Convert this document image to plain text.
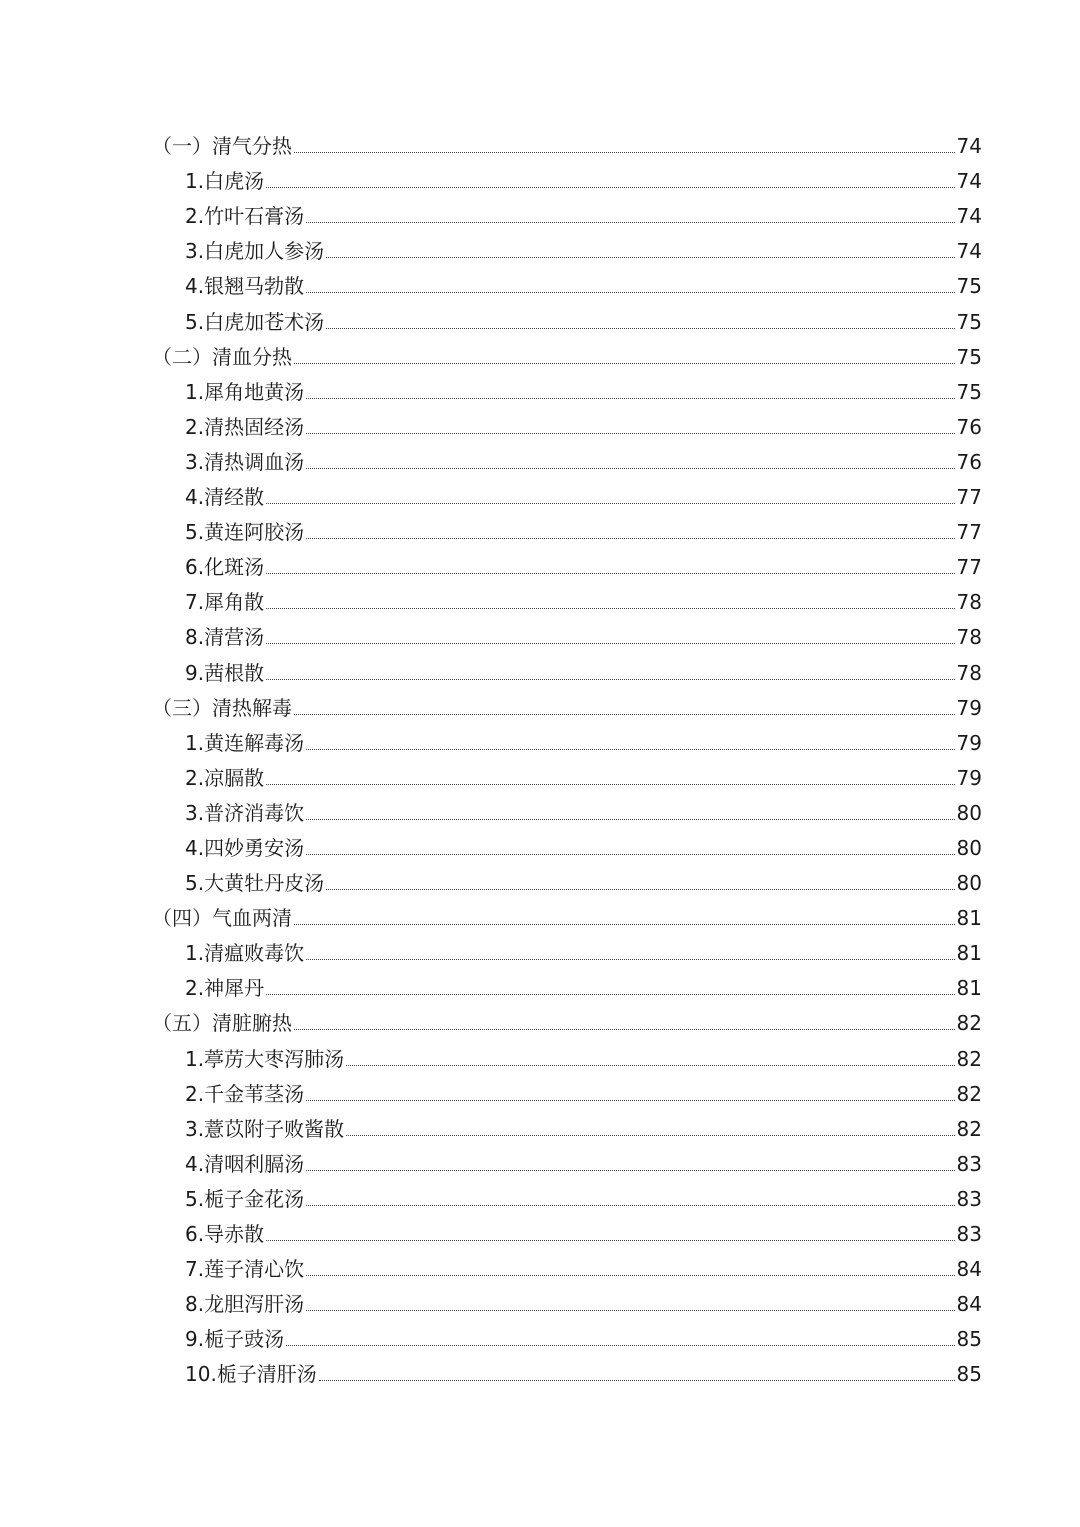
（一）清气分热	74
1.白虎汤	74
2.竹叶石膏汤	74
3.白虎加人参汤	74
4.银翘马勃散	75
5.白虎加苍术汤	75
（二）清血分热	75
1.犀角地黄汤	75
2.清热固经汤	76
3.清热调血汤	76
4.清经散	77
5.黄连阿胶汤	77
6.化斑汤	77
7.犀角散	78
8.清营汤	78
9.茜根散	78
（三）清热解毒	79
1.黄连解毒汤	79
2.凉膈散	79
3.普济消毒饮	80
4.四妙勇安汤	80
5.大黄牡丹皮汤	80
（四）气血两清	81
1.清瘟败毒饮	81
2.神犀丹	81
（五）清脏腑热	82
1.葶苈大枣泻肺汤	82
2.千金苇茎汤	82
3.薏苡附子败酱散	82
4.清咽利膈汤	83
5.栀子金花汤	83
6.导赤散	83
7.莲子清心饮	84
8.龙胆泻肝汤	84
9.栀子豉汤	85
10.栀子清肝汤	85
